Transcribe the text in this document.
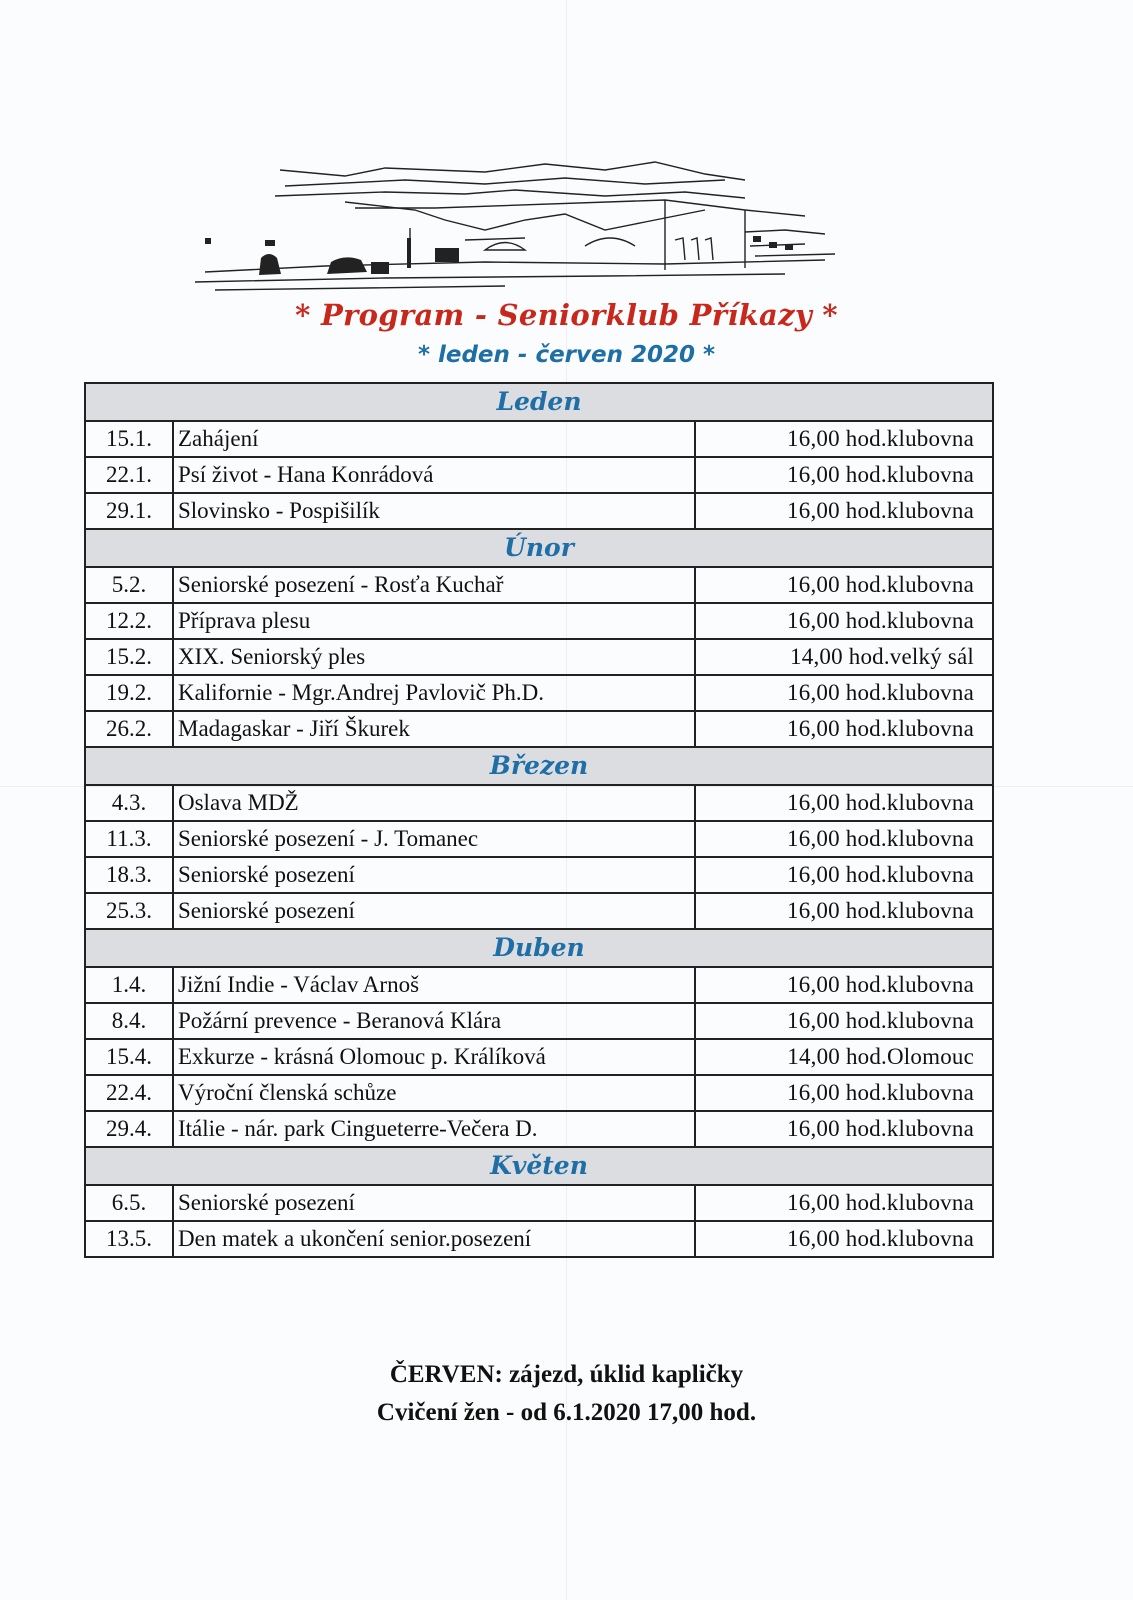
* Program - Seniorklub Příkazy *
* leden - červen 2020 *
Leden		
15.1.	Zahájení	16,00 hod.klubovna
22.1.	Psí život - Hana Konrádová	16,00 hod.klubovna
29.1.	Slovinsko - Pospišilík	16,00 hod.klubovna
Únor		
5.2.	Seniorské posezení - Rosťa Kuchař	16,00 hod.klubovna
12.2.	Příprava plesu	16,00 hod.klubovna
15.2.	XIX. Seniorský ples	14,00 hod.velký sál
19.2.	Kalifornie - Mgr.Andrej Pavlovič Ph.D.	16,00 hod.klubovna
26.2.	Madagaskar - Jiří Škurek	16,00 hod.klubovna
Březen		
4.3.	Oslava MDŽ	16,00 hod.klubovna
11.3.	Seniorské posezení - J. Tomanec	16,00 hod.klubovna
18.3.	Seniorské posezení	16,00 hod.klubovna
25.3.	Seniorské posezení	16,00 hod.klubovna
Duben		
1.4.	Jižní Indie - Václav Arnoš	16,00 hod.klubovna
8.4.	Požární prevence - Beranová Klára	16,00 hod.klubovna
15.4.	Exkurze - krásná Olomouc p. Králíková	14,00 hod.Olomouc
22.4.	Výroční členská schůze	16,00 hod.klubovna
29.4.	Itálie - nár. park Cingueterre-Večera D.	16,00 hod.klubovna
Květen		
6.5.	Seniorské posezení	16,00 hod.klubovna
13.5.	Den matek a ukončení senior.posezení	16,00 hod.klubovna
ČERVEN: zájezd, úklid kapličky
Cvičení žen - od 6.1.2020 17,00 hod.
